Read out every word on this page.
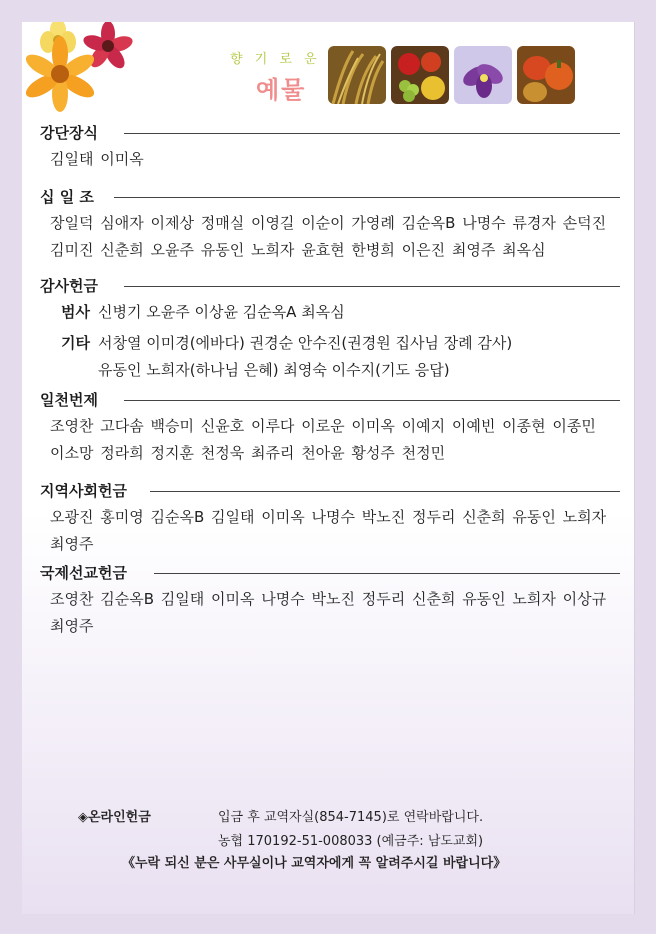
향 기 로 운
예물
강단장식
김일태 이미옥
십 일 조
장일덕 심애자 이제상 정매실 이영길 이순이 가영례 김순옥B 나명수 류경자 손덕진
김미진 신춘희 오윤주 유동인 노희자 윤효현 한병희 이은진 최영주 최옥심
감사헌금
범사 신병기 오윤주 이상윤 김순옥A 최옥심
기타 서창열 이미경(에바다) 권경순 안수진(권경원 집사님 장례 감사)
유동인 노희자(하나님 은혜) 최영숙 이수지(기도 응답)
일천번제
조영찬 고다솜 백승미 신윤호 이루다 이로운 이미옥 이예지 이예빈 이종현 이종민
이소망 정라희 정지훈 천정욱 최쥬리 천아윤 황성주 천정민
지역사회헌금
오광진 홍미영 김순옥B 김일태 이미옥 나명수 박노진 정두리 신춘희 유동인 노희자
최영주
국제선교헌금
조영찬 김순옥B 김일태 이미옥 나명수 박노진 정두리 신춘희 유동인 노희자 이상규
최영주
◈온라인헌금	입금 후 교역자실(854-7145)로 연락바랍니다.
농협 170192-51-008033 (예금주: 남도교회)
《누락 되신 분은 사무실이나 교역자에게 꼭 알려주시길 바랍니다》
